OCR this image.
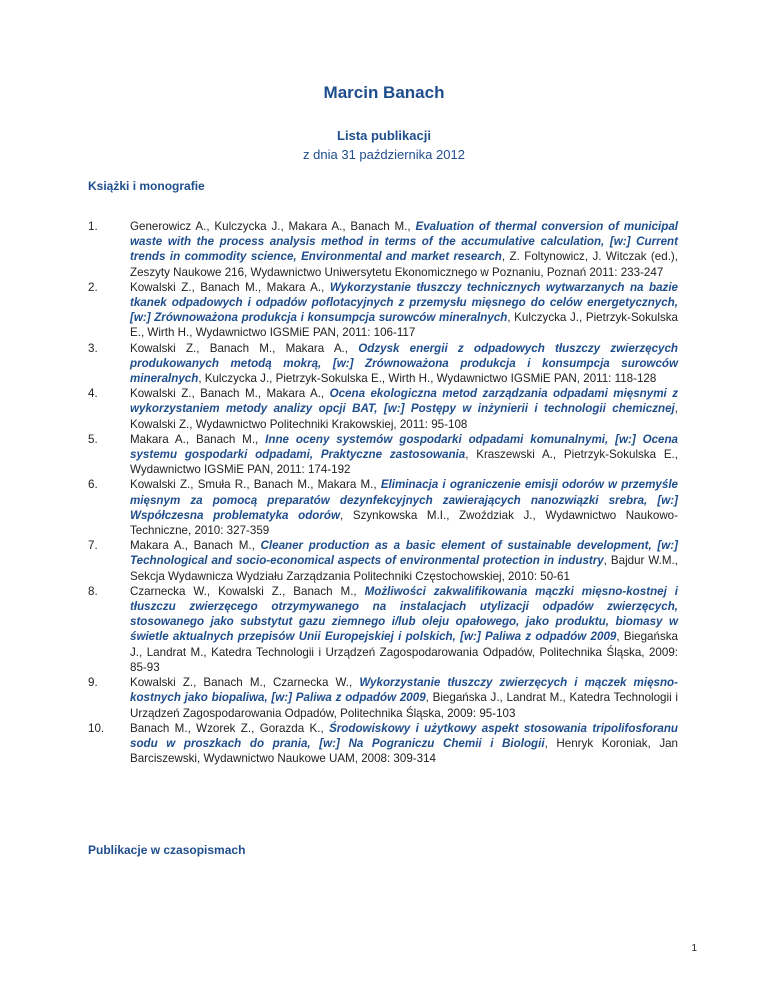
Marcin Banach
Lista publikacji
z dnia 31 października 2012
Książki i monografie
1.	Generowicz A., Kulczycka J., Makara A., Banach M., Evaluation of thermal conversion of municipal waste with the process analysis method in terms of the accumulative calculation, [w:] Current trends in commodity science, Environmental and market research, Z. Foltynowicz, J. Witczak (ed.), Zeszyty Naukowe 216, Wydawnictwo Uniwersytetu Ekonomicznego w Poznaniu, Poznań 2011: 233-247
2.	Kowalski Z., Banach M., Makara A., Wykorzystanie tłuszczy technicznych wytwarzanych na bazie tkanek odpadowych i odpadów poflotacyjnych z przemysłu mięsnego do celów energetycznych, [w:] Zrównoważona produkcja i konsumpcja surowców mineralnych, Kulczycka J., Pietrzyk-Sokulska E., Wirth H., Wydawnictwo IGSMiE PAN, 2011: 106-117
3.	Kowalski Z., Banach M., Makara A., Odzysk energii z odpadowych tłuszczy zwierzęcych produkowanych metodą mokrą, [w:] Zrównoważona produkcja i konsumpcja surowców mineralnych, Kulczycka J., Pietrzyk-Sokulska E., Wirth H., Wydawnictwo IGSMiE PAN, 2011: 118-128
4.	Kowalski Z., Banach M., Makara A., Ocena ekologiczna metod zarządzania odpadami mięsnymi z wykorzystaniem metody analizy opcji BAT, [w:] Postępy w inżynierii i technologii chemicznej, Kowalski Z., Wydawnictwo Politechniki Krakowskiej, 2011: 95-108
5.	Makara A., Banach M., Inne oceny systemów gospodarki odpadami komunalnymi, [w:] Ocena systemu gospodarki odpadami, Praktyczne zastosowania, Kraszewski A., Pietrzyk-Sokulska E., Wydawnictwo IGSMiE PAN, 2011: 174-192
6.	Kowalski Z., Smuła R., Banach M., Makara M., Eliminacja i ograniczenie emisji odorów w przemyśle mięsnym za pomocą preparatów dezynfekcyjnych zawierających nanozwiązki srebra, [w:] Współczesna problematyka odorów, Szynkowska M.I., Zwoździak J., Wydawnictwo Naukowo-Techniczne, 2010: 327-359
7.	Makara A., Banach M., Cleaner production as a basic element of sustainable development, [w:] Technological and socio-economical aspects of environmental protection in industry, Bajdur W.M., Sekcja Wydawnicza Wydziału Zarządzania Politechniki Częstochowskiej, 2010: 50-61
8.	Czarnecka W., Kowalski Z., Banach M., Możliwości zakwalifikowania mączki mięsno-kostnej i tłuszczu zwierzęcego otrzymywanego na instalacjach utylizacji odpadów zwierzęcych, stosowanego jako substytut gazu ziemnego i/lub oleju opałowego, jako produktu, biomasy w świetle aktualnych przepisów Unii Europejskiej i polskich, [w:] Paliwa z odpadów 2009, Biegańska J., Landrat M., Katedra Technologii i Urządzeń Zagospodarowania Odpadów, Politechnika Śląska, 2009: 85-93
9.	Kowalski Z., Banach M., Czarnecka W., Wykorzystanie tłuszczy zwierzęcych i mączek mięsno-kostnych jako biopaliwa, [w:] Paliwa z odpadów 2009, Biegańska J., Landrat M., Katedra Technologii i Urządzeń Zagospodarowania Odpadów, Politechnika Śląska, 2009: 95-103
10. Banach M., Wzorek Z., Gorazda K., Środowiskowy i użytkowy aspekt stosowania tripolifosforanu sodu w proszkach do prania, [w:] Na Pograniczu Chemii i Biologii, Henryk Koroniak, Jan Barciszewski, Wydawnictwo Naukowe UAM, 2008: 309-314
Publikacje w czasopismach
1
